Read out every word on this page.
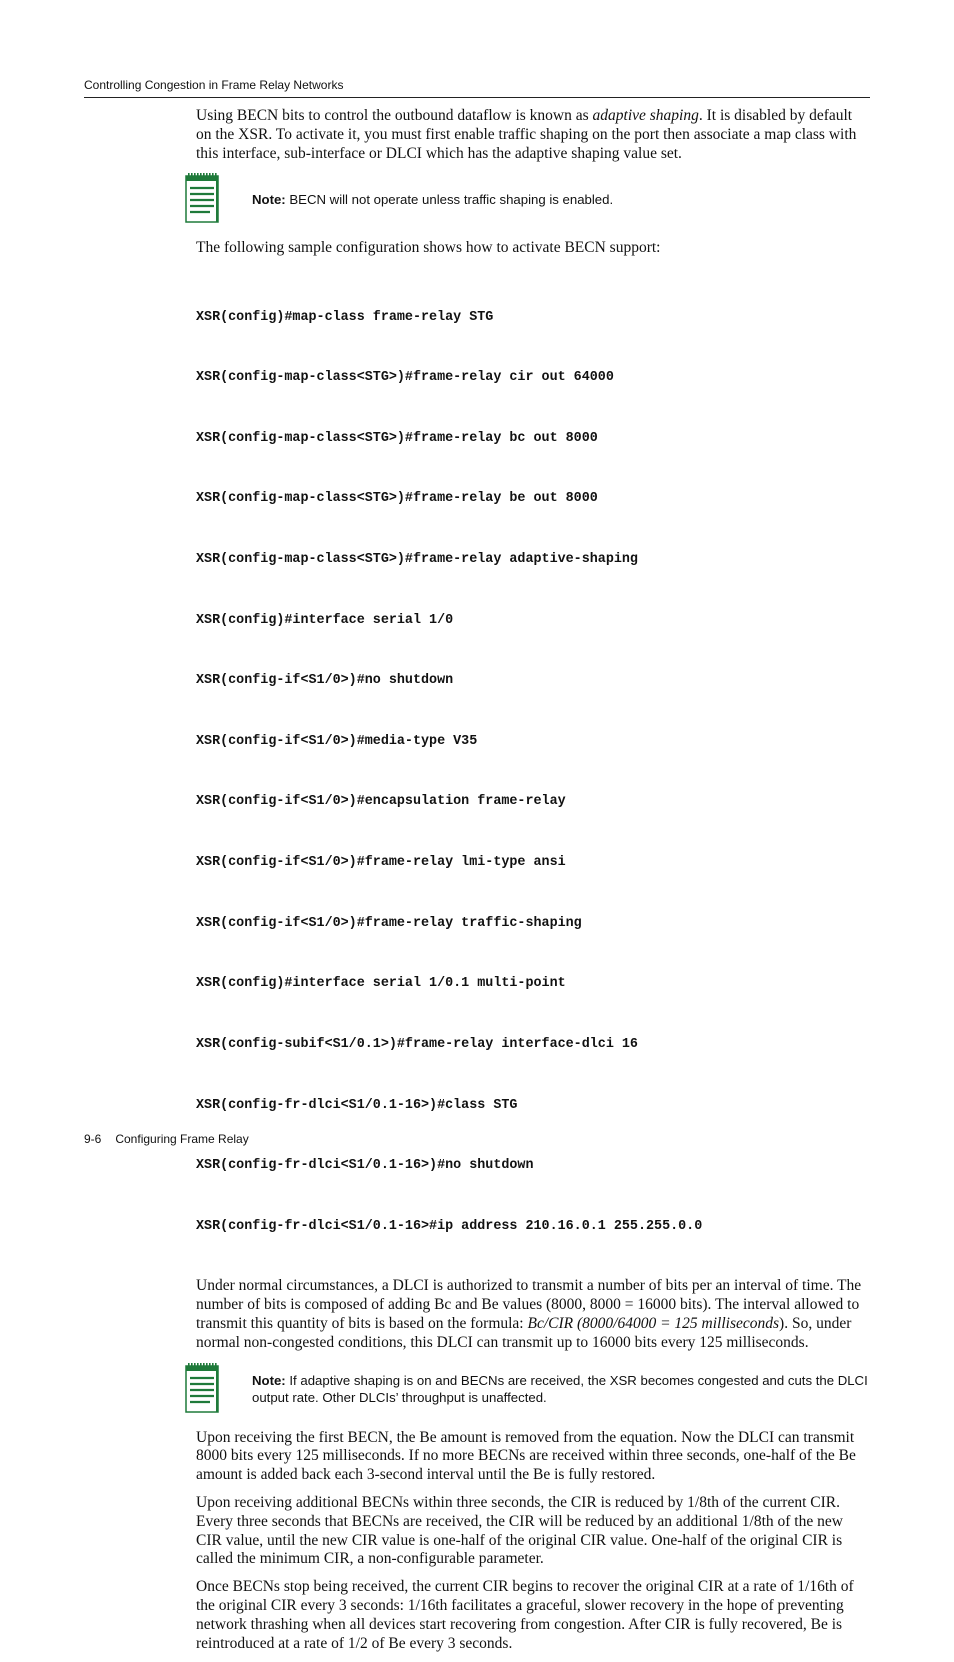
Controlling Congestion in Frame Relay Networks

Using BECN bits to control the outbound dataflow is known as adaptive shaping. It is disabled by default on the XSR. To activate it, you must first enable traffic shaping on the port then associate a map class with this interface, sub-interface or DLCI which has the adaptive shaping value set.

Note: BECN will not operate unless traffic shaping is enabled.

The following sample configuration shows how to activate BECN support:

XSR(config)#map-class frame-relay STG

XSR(config-map-class<STG>)#frame-relay cir out 64000

XSR(config-map-class<STG>)#frame-relay bc out 8000

XSR(config-map-class<STG>)#frame-relay be out 8000

XSR(config-map-class<STG>)#frame-relay adaptive-shaping

XSR(config)#interface serial 1/0

XSR(config-if<S1/0>)#no shutdown

XSR(config-if<S1/0>)#media-type V35

XSR(config-if<S1/0>)#encapsulation frame-relay

XSR(config-if<S1/0>)#frame-relay lmi-type ansi

XSR(config-if<S1/0>)#frame-relay traffic-shaping

XSR(config)#interface serial 1/0.1 multi-point

XSR(config-subif<S1/0.1>)#frame-relay interface-dlci 16

XSR(config-fr-dlci<S1/0.1-16>)#class STG

XSR(config-fr-dlci<S1/0.1-16>)#no shutdown

XSR(config-fr-dlci<S1/0.1-16>#ip address 210.16.0.1 255.255.0.0

Under normal circumstances, a DLCI is authorized to transmit a number of bits per an interval of time. The number of bits is composed of adding Bc and Be values (8000, 8000 = 16000 bits). The interval allowed to transmit this quantity of bits is based on the formula: Bc/CIR (8000/64000 = 125 milliseconds). So, under normal non-congested conditions, this DLCI can transmit up to 16000 bits every 125 milliseconds.

Note: If adaptive shaping is on and BECNs are received, the XSR becomes congested and cuts the DLCI output rate. Other DLCIs’ throughput is unaffected.

Upon receiving the first BECN, the Be amount is removed from the equation. Now the DLCI can transmit 8000 bits every 125 milliseconds. If no more BECNs are received within three seconds, one-half of the Be amount is added back each 3-second interval until the Be is fully restored.

Upon receiving additional BECNs within three seconds, the CIR is reduced by 1/8th of the current CIR. Every three seconds that BECNs are received, the CIR will be reduced by an additional 1/8th of the new CIR value, until the new CIR value is one-half of the original CIR value. One-half of the original CIR is called the minimum CIR, a non-configurable parameter.

Once BECNs stop being received, the current CIR begins to recover the original CIR at a rate of 1/16th of the original CIR every 3 seconds: 1/16th facilitates a graceful, slower recovery in the hope of preventing network thrashing when all devices start recovering from congestion. After CIR is fully recovered, Be is reintroduced at a rate of 1/2 of Be every 3 seconds.

9-6 Configuring Frame Relay
